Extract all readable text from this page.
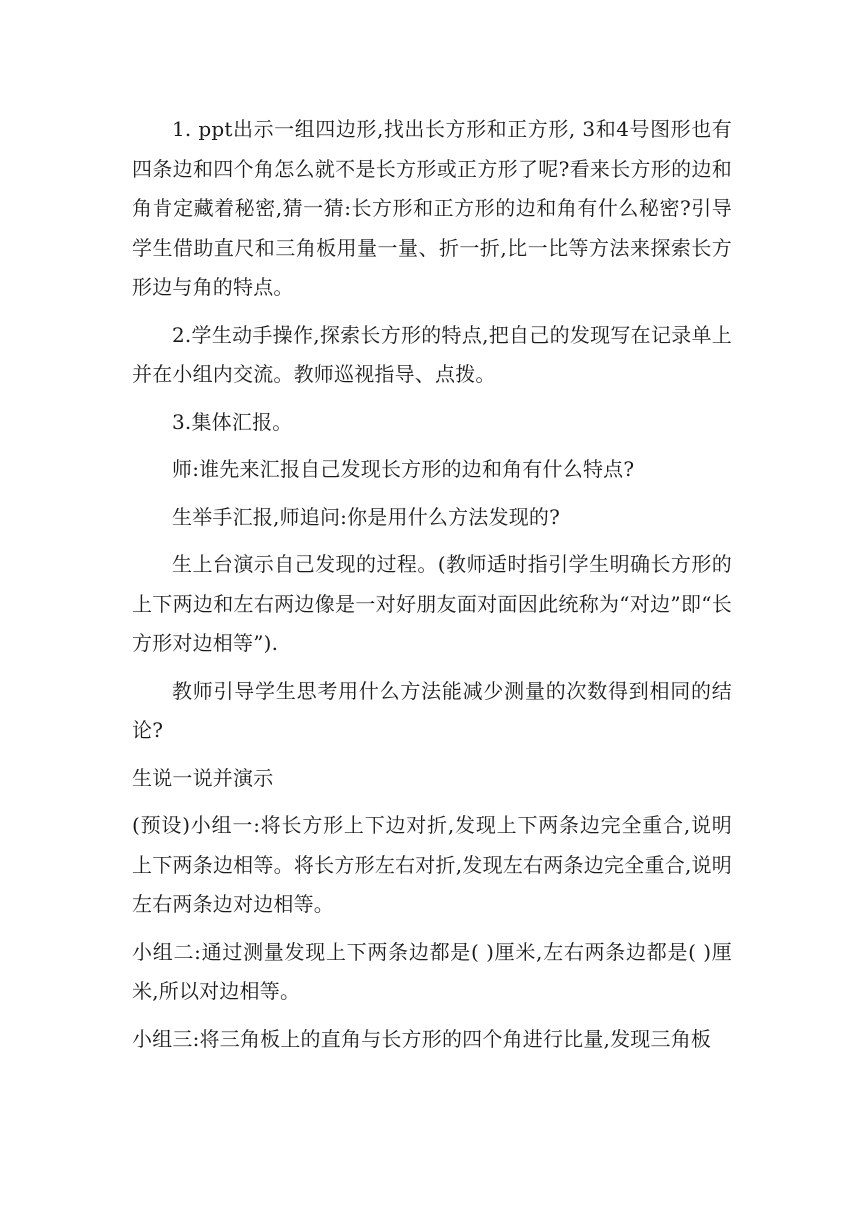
1. ppt出示一组四边形,找出长方形和正方形, 3和4号图形也有四条边和四个角怎么就不是长方形或正方形了呢?看来长方形的边和角肯定藏着秘密,猜一猜:长方形和正方形的边和角有什么秘密?引导学生借助直尺和三角板用量一量、折一折,比一比等方法来探索长方形边与角的特点。

2.学生动手操作,探索长方形的特点,把自己的发现写在记录单上并在小组内交流。教师巡视指导、点拨。

3.集体汇报。

师:谁先来汇报自己发现长方形的边和角有什么特点?

生举手汇报,师追问:你是用什么方法发现的?

生上台演示自己发现的过程。(教师适时指引学生明确长方形的上下两边和左右两边像是一对好朋友面对面因此统称为“对边”即“长方形对边相等”).

教师引导学生思考用什么方法能减少测量的次数得到相同的结论?

生说一说并演示

(预设)小组一:将长方形上下边对折,发现上下两条边完全重合,说明上下两条边相等。将长方形左右对折,发现左右两条边完全重合,说明左右两条边对边相等。

小组二:通过测量发现上下两条边都是( )厘米,左右两条边都是( )厘米,所以对边相等。

小组三:将三角板上的直角与长方形的四个角进行比量,发现三角板
